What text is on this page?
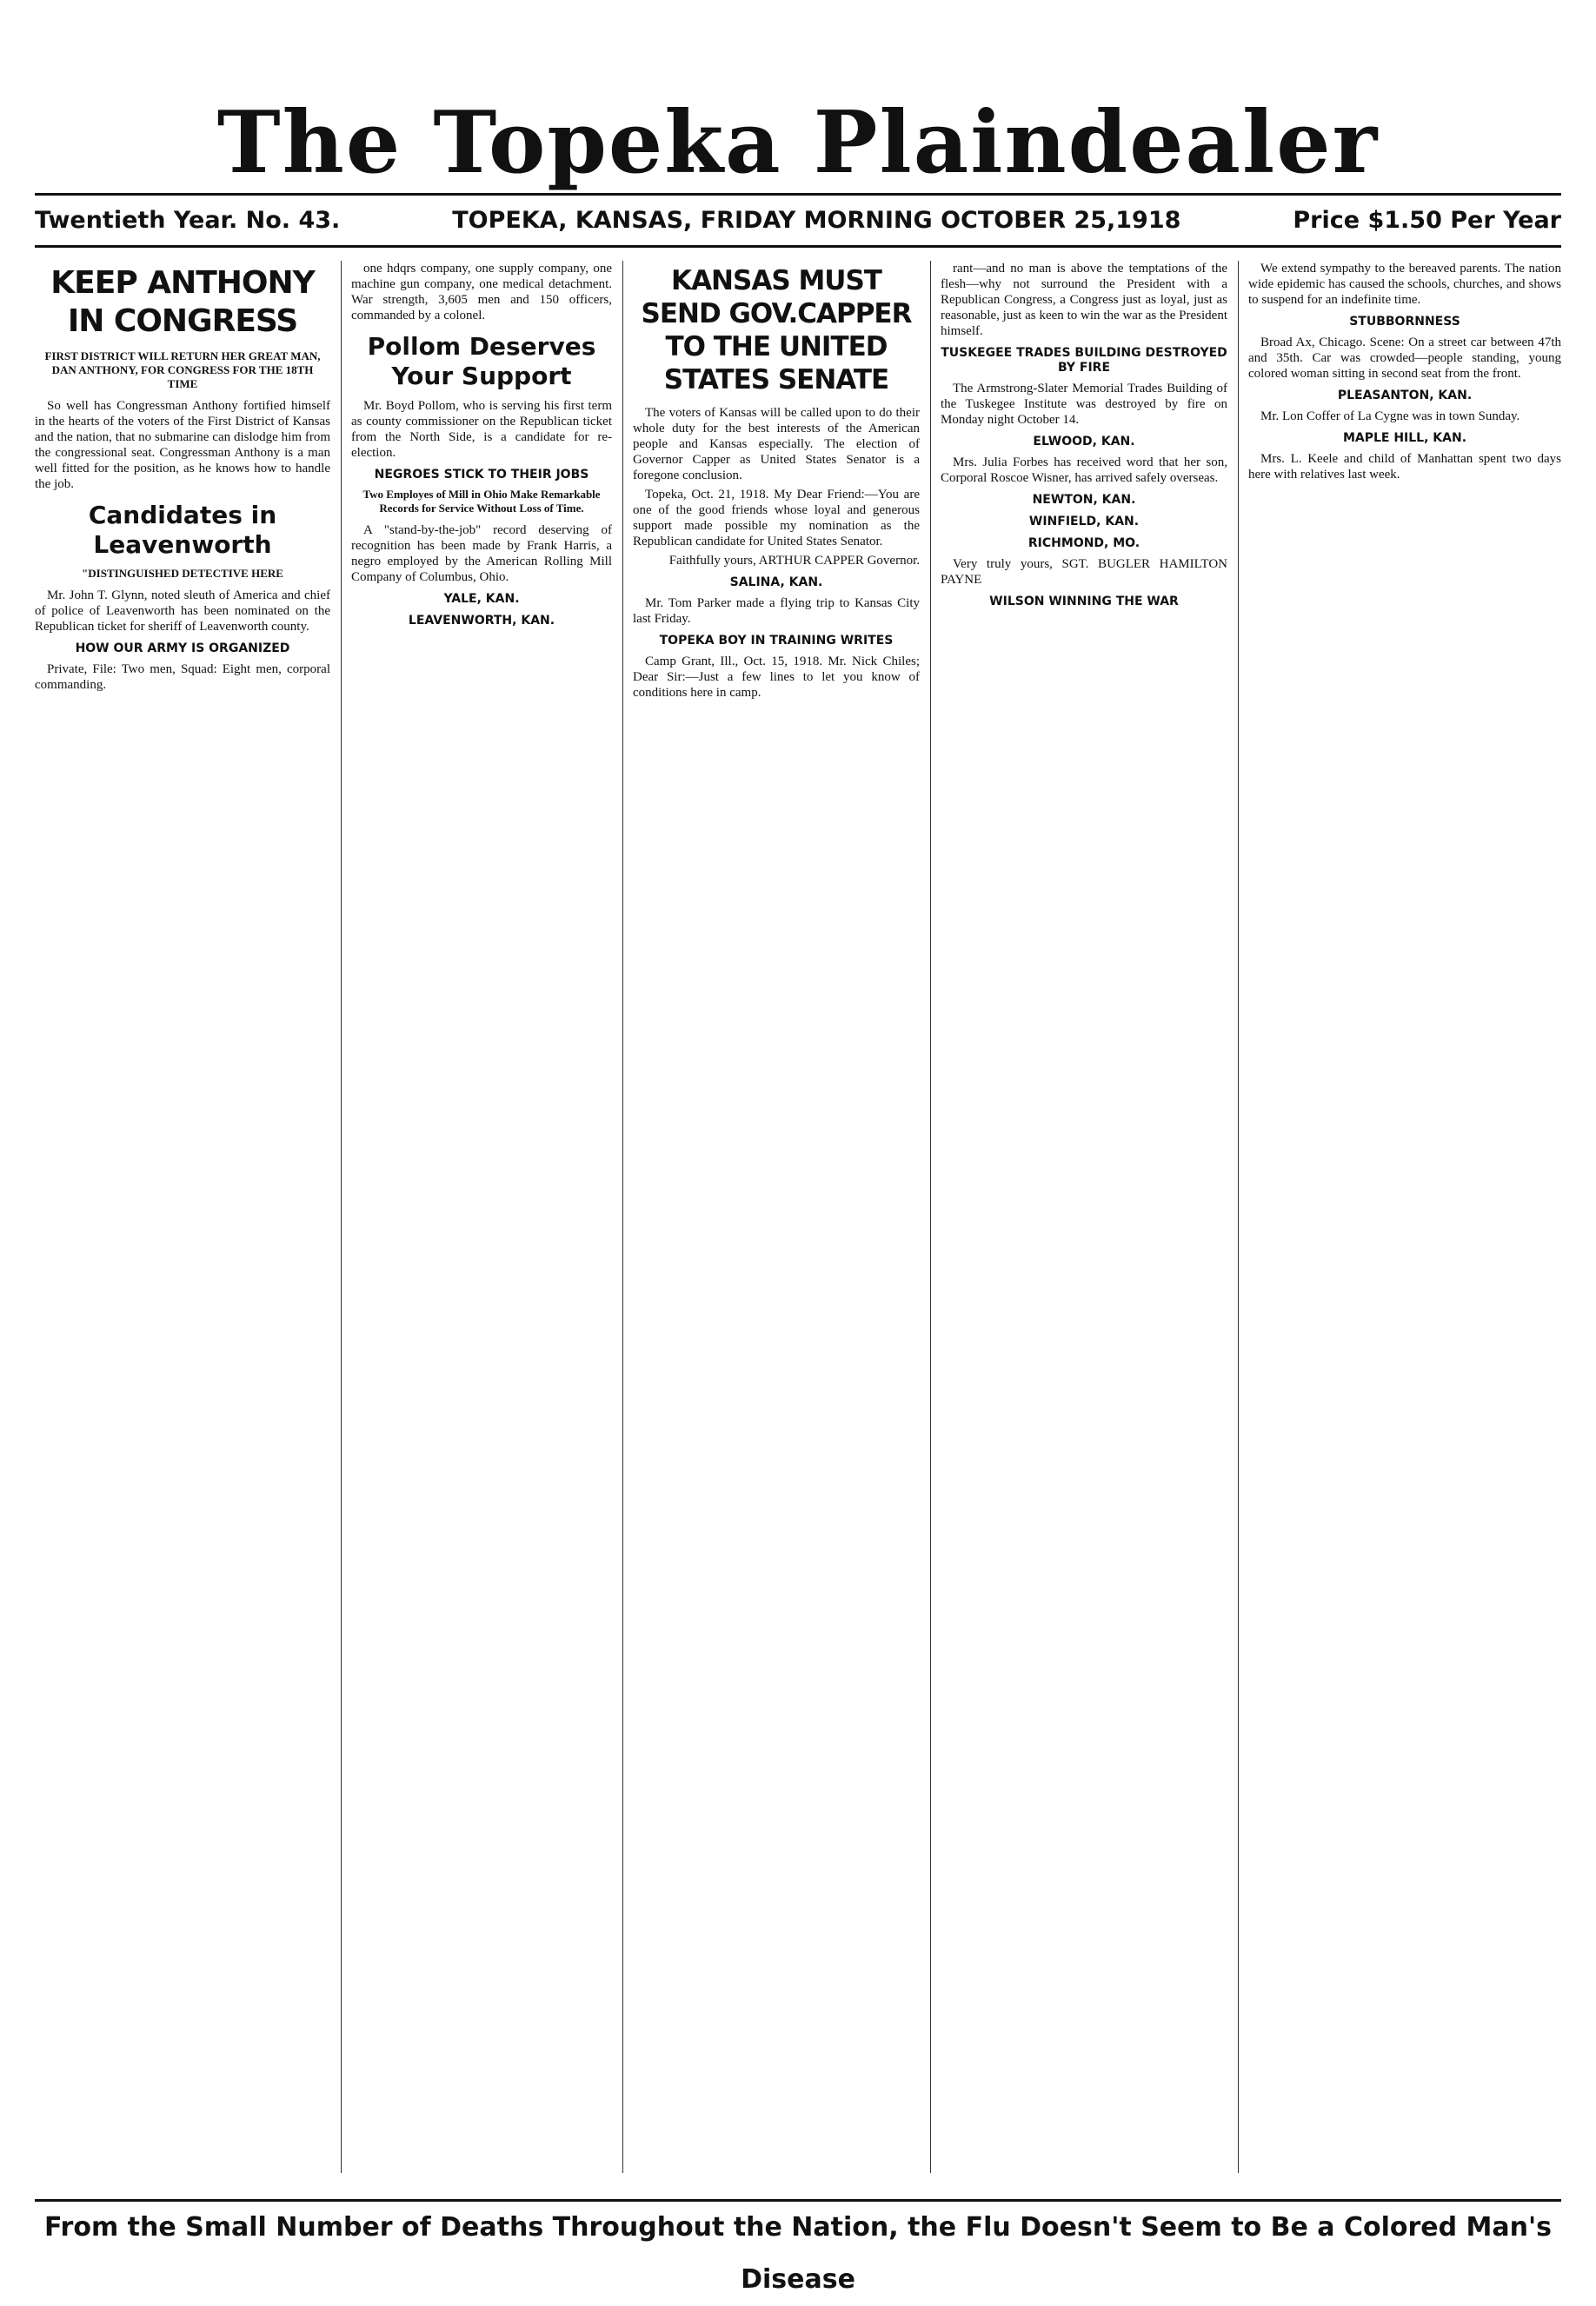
The Topeka Plaindealer
Twentieth Year. No. 43.	TOPEKA, KANSAS, FRIDAY MORNING OCTOBER 25,1918	Price $1.50 Per Year
KEEP ANTHONY IN CONGRESS
FIRST DISTRICT WILL RETURN HER GREAT MAN, DAN ANTHONY, FOR CONGRESS FOR THE 18TH TIME

So well has Congressman Anthony fortified himself in the hearts of the voters of the First District of Kansas and the nation, that no submarine can dislodge him from the congressional seat. Congressman Anthony is a man well fitted for the position, as he knows how to handle the job.

Candidates in Leavenworth
"DISTINGUISHED DETECTIVE HERE

Mr. John T. Glynn, noted sleuth of America and chief of police of Leavenworth has been nominated on the Republican ticket for sheriff of Leavenworth county.

HOW OUR ARMY IS ORGANIZED

Private, File: Two men, Squad: Eight men, corporal commanding.

one hdqrs company, one supply company, one machine gun company, one medical detachment. War strength, 3,605 men and 150 officers, commanded by a colonel.

Pollom Deserves Your Support

Mr. Boyd Pollom, who is serving his first term as county commissioner on the Republican ticket from the North Side, is a candidate for re-election.

NEGROES STICK TO THEIR JOBS
Two Employes of Mill in Ohio Make Remarkable Records for Service Without Loss of Time.

A "stand-by-the-job" record deserving of recognition has been made by Frank Harris, a negro employed by the American Rolling Mill Company of Columbus, Ohio.

YALE, KAN.
LEAVENWORTH, KAN.
KANSAS MUST SEND GOV.CAPPER TO THE UNITED STATES SENATE

The voters of Kansas will be called upon to do their whole duty for the best interests of the American people and Kansas especially. The election of Governor Capper as United States Senator is a foregone conclusion.

Topeka, Oct. 21, 1918. My Dear Friend:—You are one of the good friends whose loyal and generous support made possible my nomination as the Republican candidate for United States Senator.

Faithfully yours, ARTHUR CAPPER Governor.

SALINA, KAN.

Mr. Tom Parker made a flying trip to Kansas City last Friday.

TOPEKA BOY IN TRAINING WRITES

Camp Grant, Ill., Oct. 15, 1918. Mr. Nick Chiles; Dear Sir:—Just a few lines to let you know of conditions here in camp.

rant—and no man is above the temptations of the flesh—why not surround the President with a Republican Congress, a Congress just as loyal, just as reasonable, just as keen to win the war as the President himself.

TUSKEGEE TRADES BUILDING DESTROYED BY FIRE

The Armstrong-Slater Memorial Trades Building of the Tuskegee Institute was destroyed by fire on Monday night October 14.

ELWOOD, KAN.

Mrs. Julia Forbes has received word that her son, Corporal Roscoe Wisner, has arrived safely overseas.

NEWTON, KAN.
WINFIELD, KAN.
RICHMOND, MO.

Very truly yours, SGT. BUGLER HAMILTON PAYNE

WILSON WINNING THE WAR

We extend sympathy to the bereaved parents. The nation wide epidemic has caused the schools, churches, and shows to suspend for an indefinite time.

STUBBORNNESS

Broad Ax, Chicago. Scene: On a street car between 47th and 35th. Car was crowded—people standing, young colored woman sitting in second seat from the front.

PLEASANTON, KAN.

Mr. Lon Coffer of La Cygne was in town Sunday.

MAPLE HILL, KAN.

Mrs. L. Keele and child of Manhattan spent two days here with relatives last week.

From the Small Number of Deaths Throughout the Nation, the Flu Doesn't Seem to Be a Colored Man's Disease
